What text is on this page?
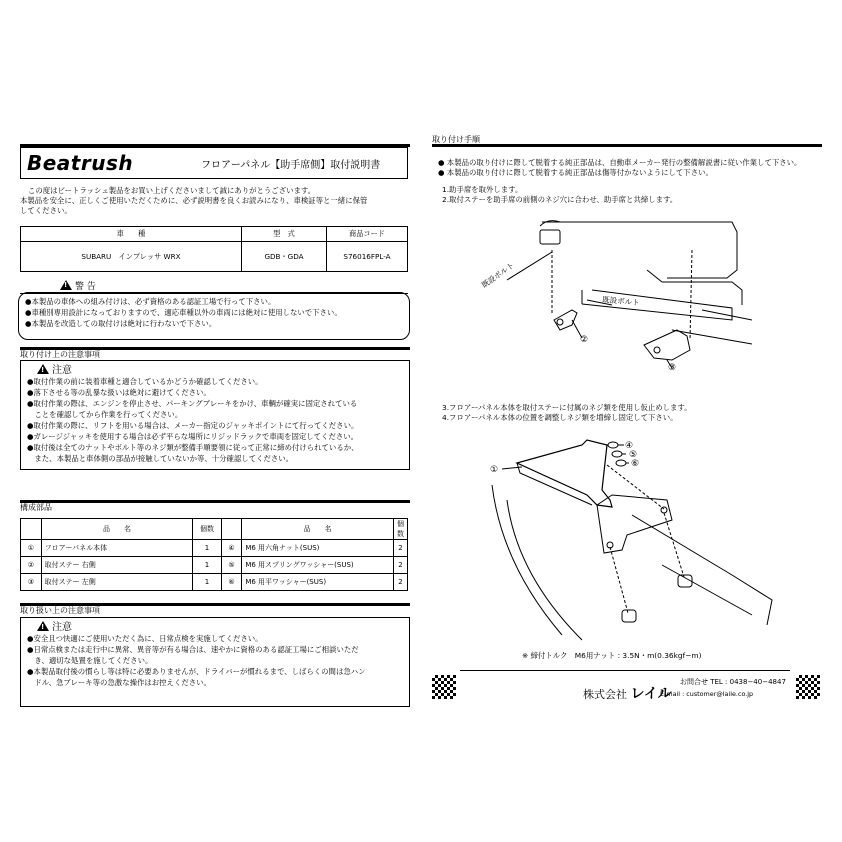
Beatrush	フロアーパネル【助手席側】取付説明書
この度はビートラッシュ製品をお買い上げくださいまして誠にありがとうございます。
本製品を安全に、正しくご使用いただくために、必ず説明書を良くお読みになり、車検証等と一緒に保管
してください。
車　　種	型　式	商品コード
SUBARU　インプレッサ WRX	GDB・GDA	S76016FPL-A
!警 告
●本製品の車体への組み付けは、必ず資格のある認証工場で行って下さい。
●車種別専用設計になっておりますので、適応車種以外の車両には絶対に使用しないで下さい。
●本製品を改造しての取付けは絶対に行わないで下さい。
取り付け上の注意事項
!注意
●取付作業の前に装着車種と適合しているかどうか確認してください。
●落下させる等の乱暴な扱いは絶対に避けてください。
●取付作業の際は、エンジンを停止させ、パーキングブレーキをかけ、車輌が確実に固定されている
　ことを確認してから作業を行ってください。
●取付作業の際に、リフトを用いる場合は、メーカー指定のジャッキポイントにて行ってください。
●ガレージジャッキを使用する場合は必ず平らな場所にリジッドラックで車両を固定してください。
●取付後は全てのナットやボルト等のネジ類が整備手順要領に従って正常に締め付けられているか、
　また、本製品と車体側の部品が接触していないか等、十分確認してください。
構成部品
	品　　名	個数		品　　名	個数
①	フロアーパネル本体	1	④	M6 用六角ナット(SUS)	2
②	取付ステー 右側	1	⑤	M6 用スプリングワッシャー(SUS)	2
③	取付ステー 左側	1	⑥	M6 用平ワッシャー(SUS)	2
取り扱い上の注意事項
!注意
●安全且つ快適にご使用いただく為に、日常点検を実施してください。
●日常点検または走行中に異常、異音等が有る場合は、速やかに資格のある認証工場にご相談いただ
　き、適切な処置を施してください。
●本製品取付後の慣らし等は特に必要ありませんが、ドライバーが慣れるまで、しばらくの間は急ハン
　ドル、急ブレーキ等の急激な操作はお控えください。
取り付け手順
● 本製品の取り付けに際して脱着する純正部品は、自動車メーカー発行の整備解説書に従い作業して下さい。
● 本製品の取り付けに際して脱着する純正部品は傷等付かないようにして下さい。
1.助手席を取外します。
2.取付ステーを助手席の前側のネジ穴に合わせ、助手席と共締します。
既設ボルト
既設ボルト
②
③
3.フロアーパネル本体を取付ステーに付属のネジ類を使用し仮止めします。
4.フロアーパネル本体の位置を調整しネジ類を増締し固定して下さい。
①
④
⑤
⑥
※ 締付トルク　M6用ナット : 3.5N・m(0.36kgf−m)
株式会社 レイル
お問合せ TEL : 0438−40−4847
E-mail : customer@laile.co.jp
